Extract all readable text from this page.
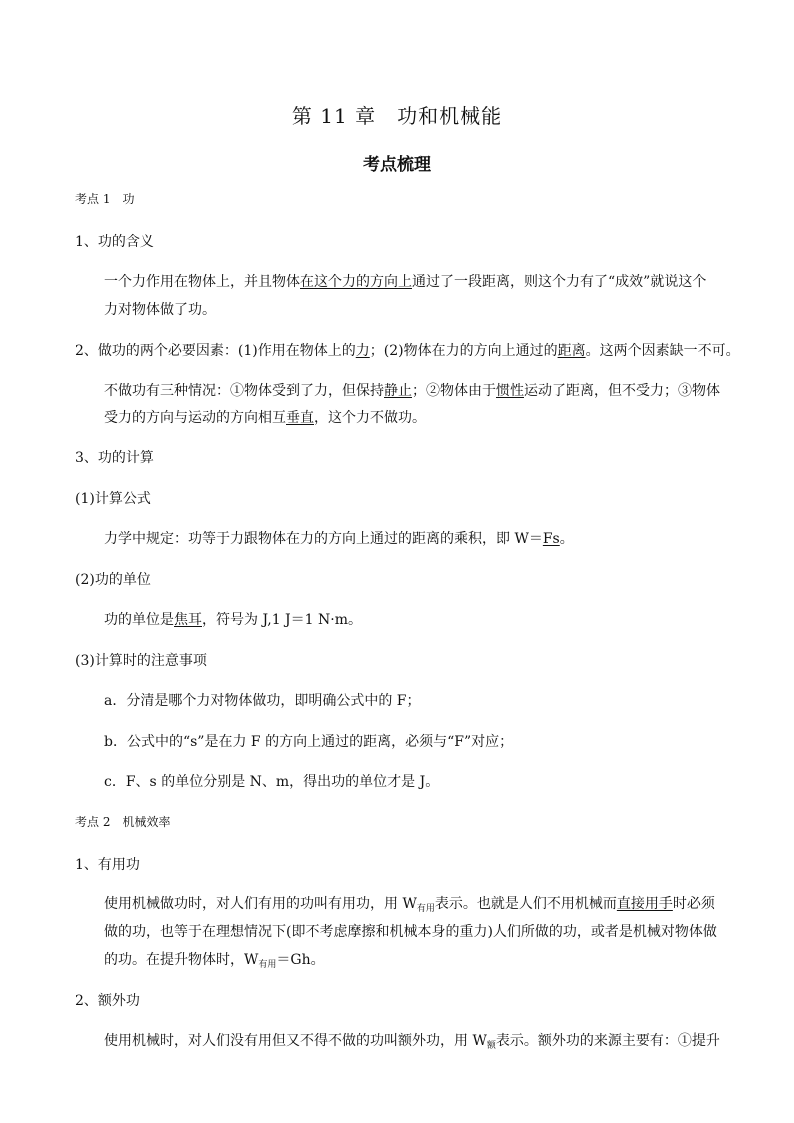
第 11 章　功和机械能
考点梳理
考点 1　功
1、功的含义
一个力作用在物体上，并且物体在这个力的方向上通过了一段距离，则这个力有了“成效”就说这个
力对物体做了功。
2、做功的两个必要因素：(1)作用在物体上的力；(2)物体在力的方向上通过的距离。这两个因素缺一不可。
不做功有三种情况：①物体受到了力，但保持静止；②物体由于惯性运动了距离，但不受力；③物体
受力的方向与运动的方向相互垂直，这个力不做功。
3、功的计算
(1)计算公式
力学中规定：功等于力跟物体在力的方向上通过的距离的乘积，即 W＝Fs。
(2)功的单位
功的单位是焦耳，符号为 J,1 J＝1 N·m。
(3)计算时的注意事项
a．分清是哪个力对物体做功，即明确公式中的 F；
b．公式中的“s”是在力 F 的方向上通过的距离，必须与“F”对应；
c．F、s 的单位分别是 N、m，得出功的单位才是 J。
考点 2　机械效率
1、有用功
使用机械做功时，对人们有用的功叫有用功，用 $W_{有用}$表示。也就是人们不用机械而直接用手时必须
做的功，也等于在理想情况下(即不考虑摩擦和机械本身的重力)人们所做的功，或者是机械对物体做
的功。在提升物体时，$W_{有用}=Gh$。
2、额外功
使用机械时，对人们没有用但又不得不做的功叫额外功，用 $W_额$表示。额外功的来源主要有：①提升
